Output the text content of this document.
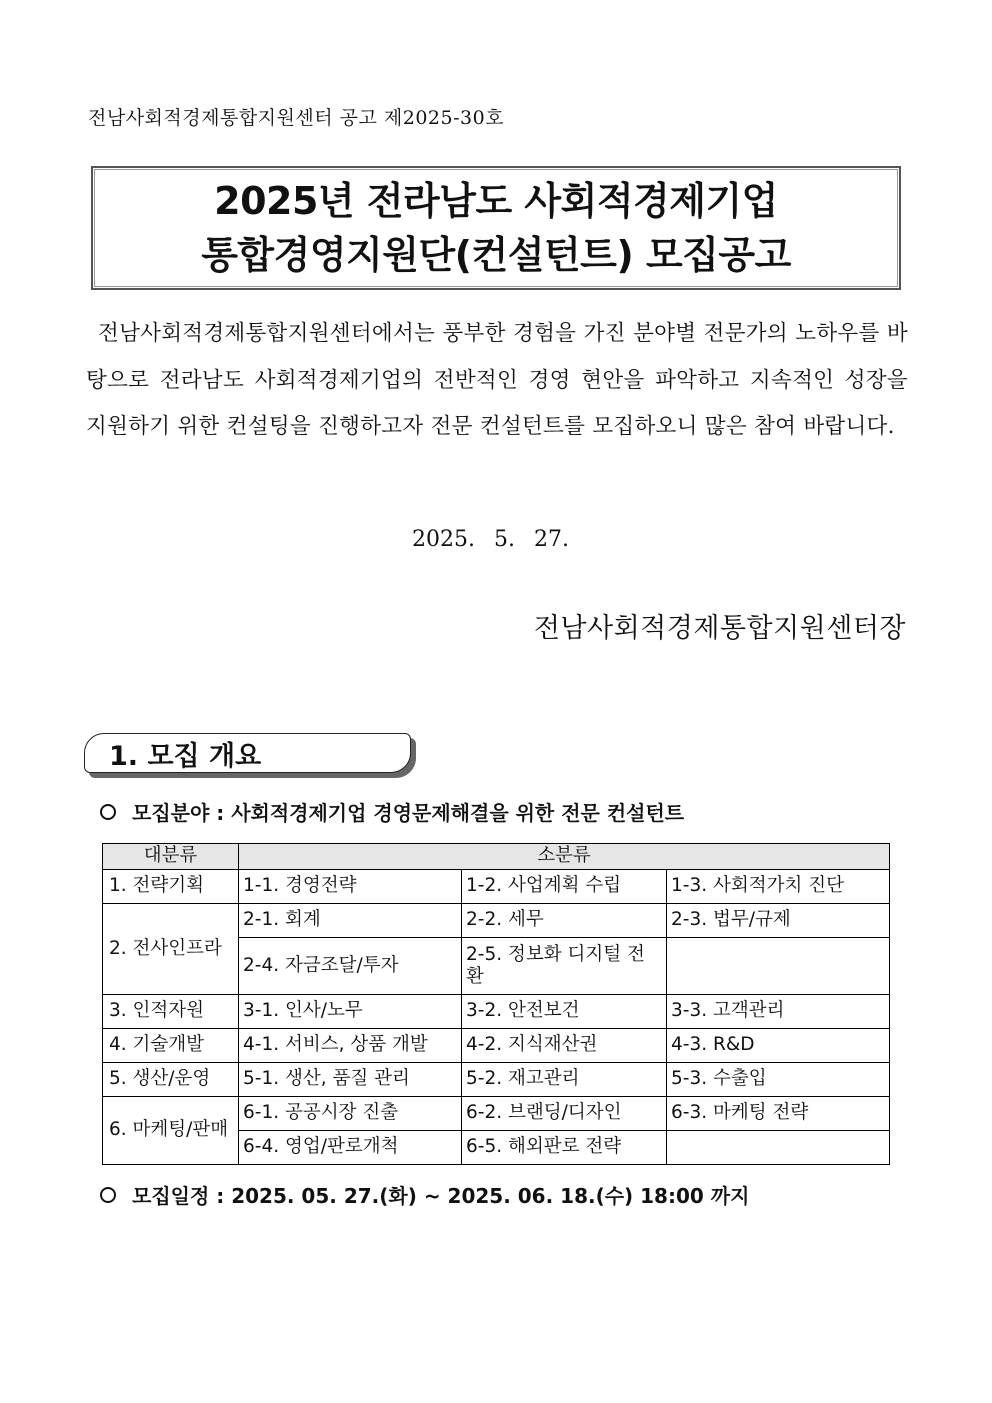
전남사회적경제통합지원센터 공고 제2025-30호
2025년 전라남도 사회적경제기업
통합경영지원단(컨설턴트) 모집공고
전남사회적경제통합지원센터에서는 풍부한 경험을 가진 분야별 전문가의 노하우를 바탕으로 전라남도 사회적경제기업의 전반적인 경영 현안을 파악하고 지속적인 성장을 지원하기 위한 컨설팅을 진행하고자 전문 컨설턴트를 모집하오니 많은 참여 바랍니다.
2025. 5. 27.
전남사회적경제통합지원센터장
1. 모집 개요
모집분야 : 사회적경제기업 경영문제해결을 위한 전문 컨설턴트
대분류	소분류		
1. 전략기획	1-1. 경영전략	1-2. 사업계획 수립	1-3. 사회적가치 진단
2. 전사인프라	2-1. 회계	2-2. 세무	2-3. 법무/규제
	2-4. 자금조달/투자	2-5. 정보화 디지털 전환	
3. 인적자원	3-1. 인사/노무	3-2. 안전보건	3-3. 고객관리
4. 기술개발	4-1. 서비스, 상품 개발	4-2. 지식재산권	4-3. R&D
5. 생산/운영	5-1. 생산, 품질 관리	5-2. 재고관리	5-3. 수출입
6. 마케팅/판매	6-1. 공공시장 진출	6-2. 브랜딩/디자인	6-3. 마케팅 전략
	6-4. 영업/판로개척	6-5. 해외판로 전략	
모집일정 : 2025. 05. 27.(화) ~ 2025. 06. 18.(수) 18:00 까지
